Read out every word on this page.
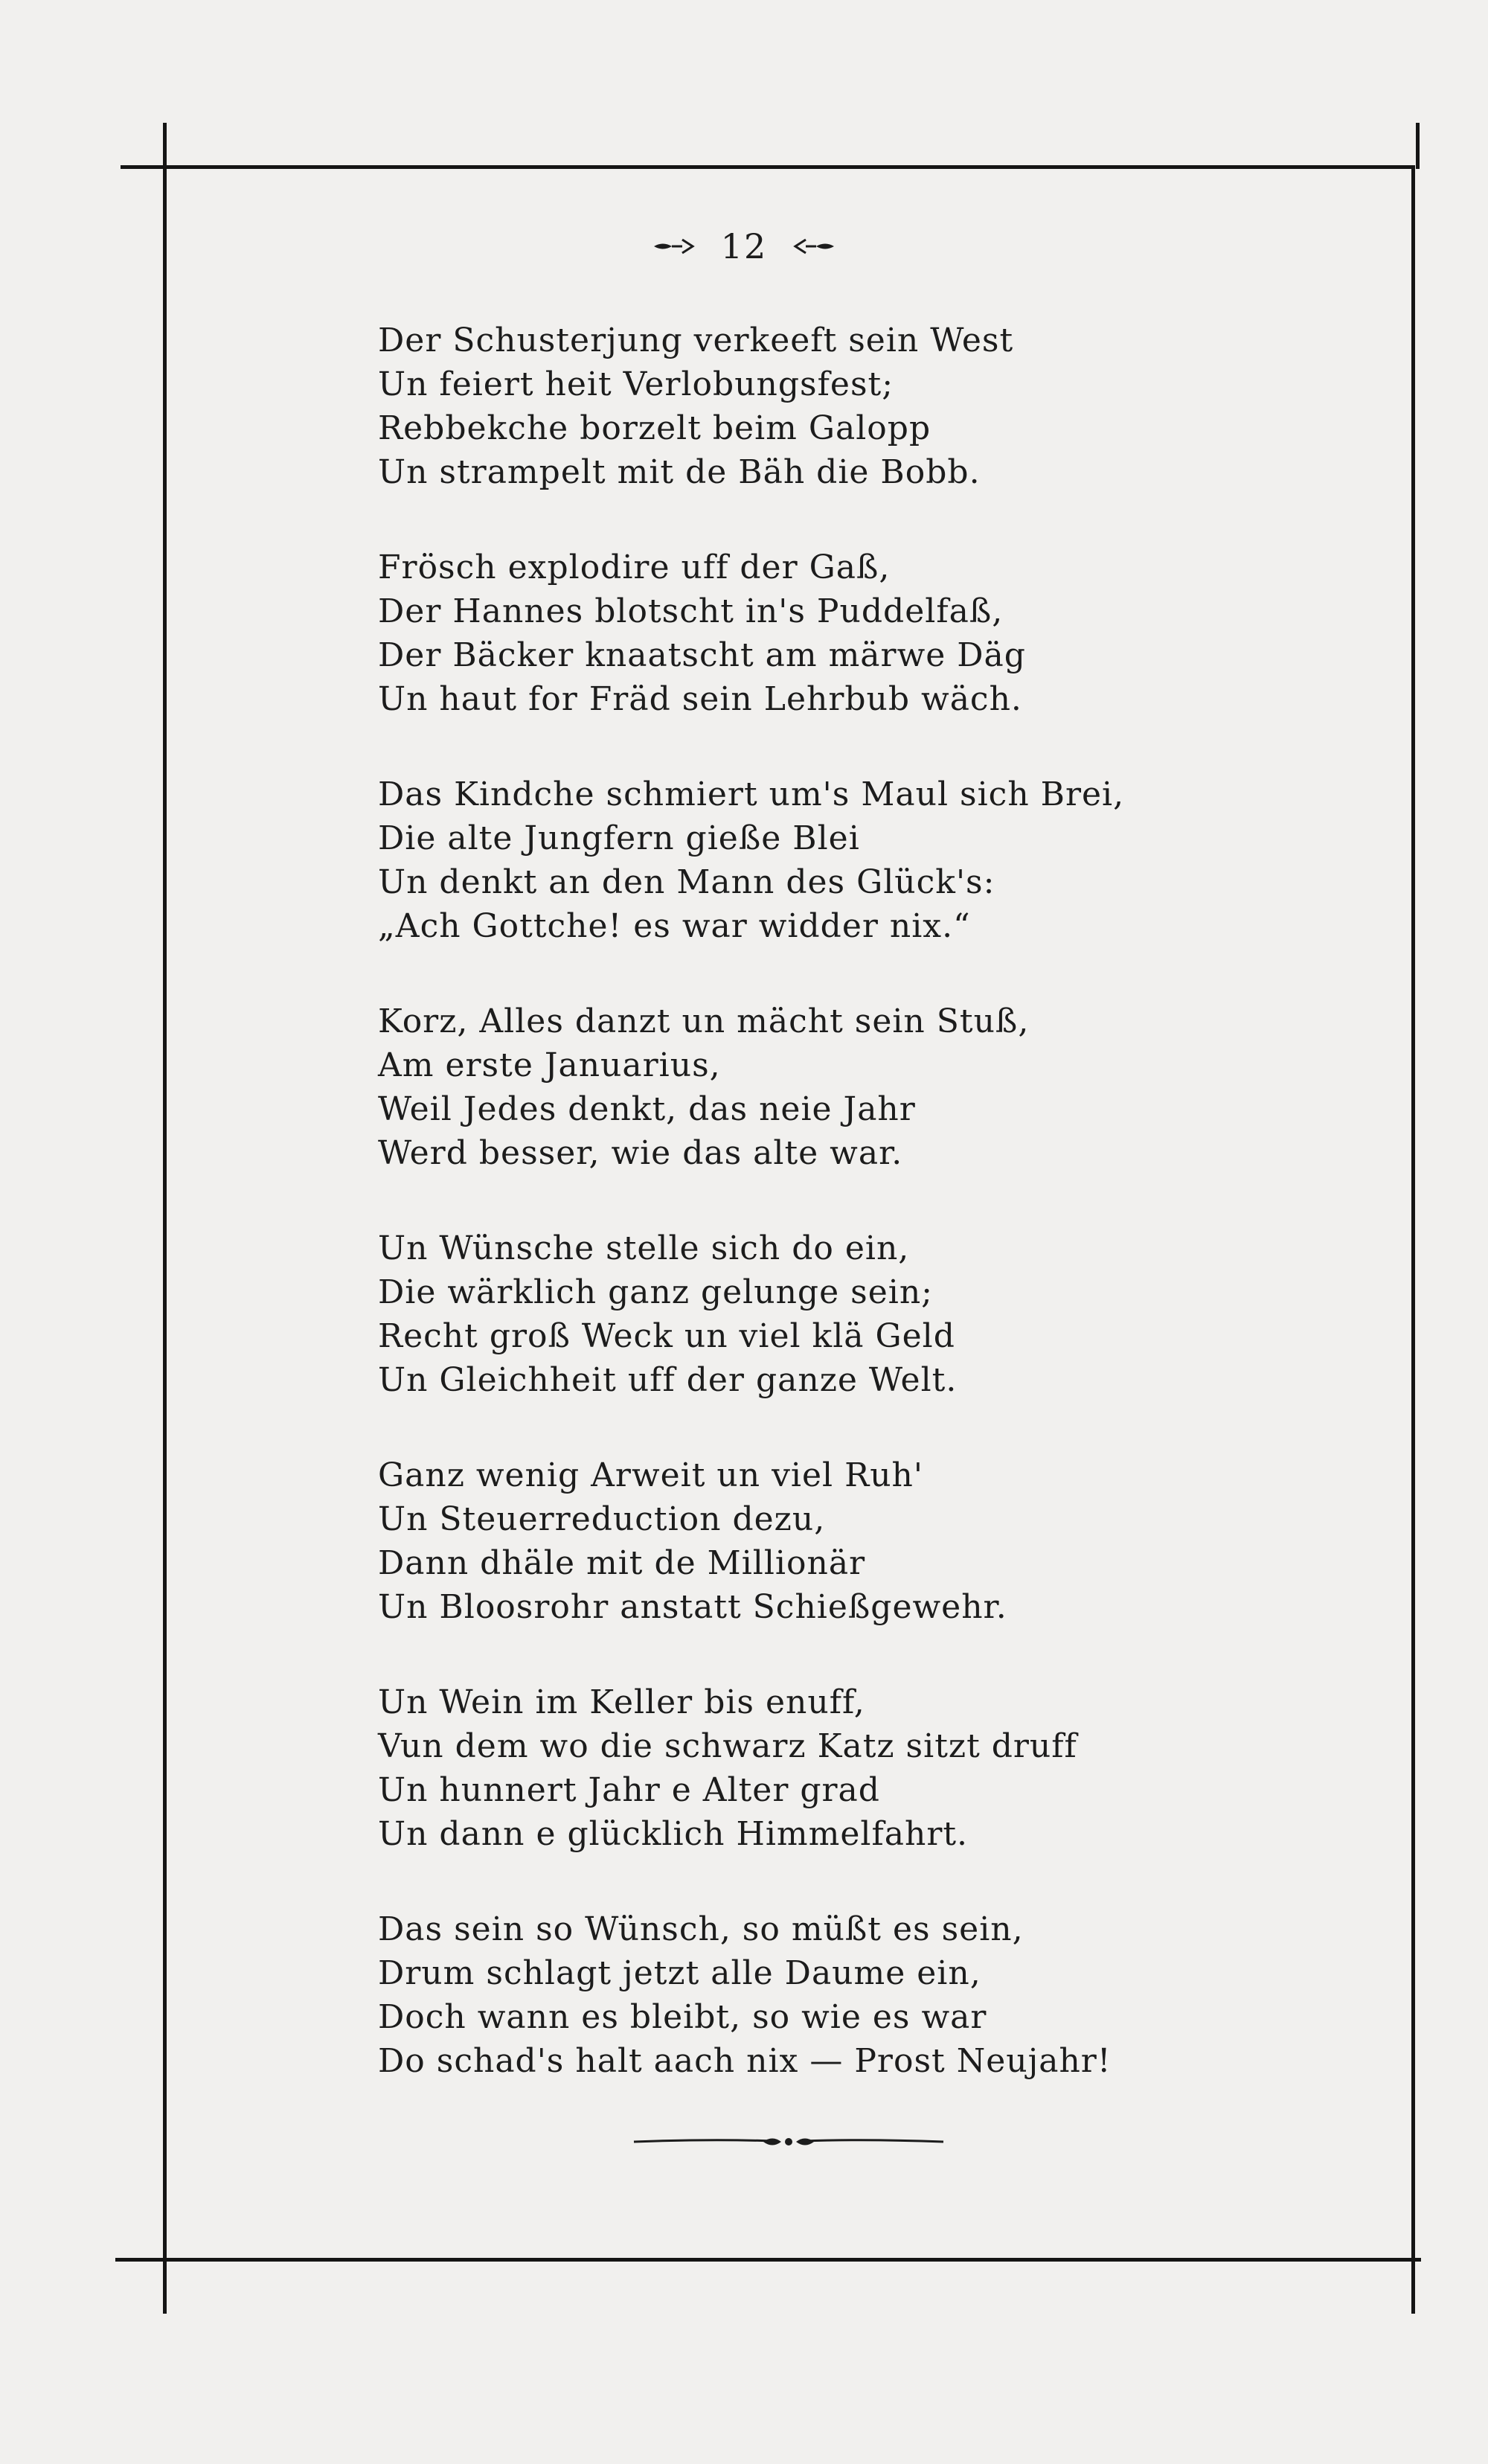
12
Der Schusterjung verkeeft sein West
Un feiert heit Verlobungsfest;
Rebbekche borzelt beim Galopp
Un strampelt mit de Bäh die Bobb.
Frösch explodire uff der Gaß,
Der Hannes blotscht in's Puddelfaß,
Der Bäcker knaatscht am märwe Däg
Un haut for Fräd sein Lehrbub wäch.
Das Kindche schmiert um's Maul sich Brei,
Die alte Jungfern gieße Blei
Un denkt an den Mann des Glück's:
„Ach Gottche! es war widder nix.“
Korz, Alles danzt un mächt sein Stuß,
Am erste Januarius,
Weil Jedes denkt, das neie Jahr
Werd besser, wie das alte war.
Un Wünsche stelle sich do ein,
Die wärklich ganz gelunge sein;
Recht groß Weck un viel klä Geld
Un Gleichheit uff der ganze Welt.
Ganz wenig Arweit un viel Ruh'
Un Steuerreduction dezu,
Dann dhäle mit de Millionär
Un Bloosrohr anstatt Schießgewehr.
Un Wein im Keller bis enuff,
Vun dem wo die schwarz Katz sitzt druff
Un hunnert Jahr e Alter grad
Un dann e glücklich Himmelfahrt.
Das sein so Wünsch, so müßt es sein,
Drum schlagt jetzt alle Daume ein,
Doch wann es bleibt, so wie es war
Do schad's halt aach nix — Prost Neujahr!
